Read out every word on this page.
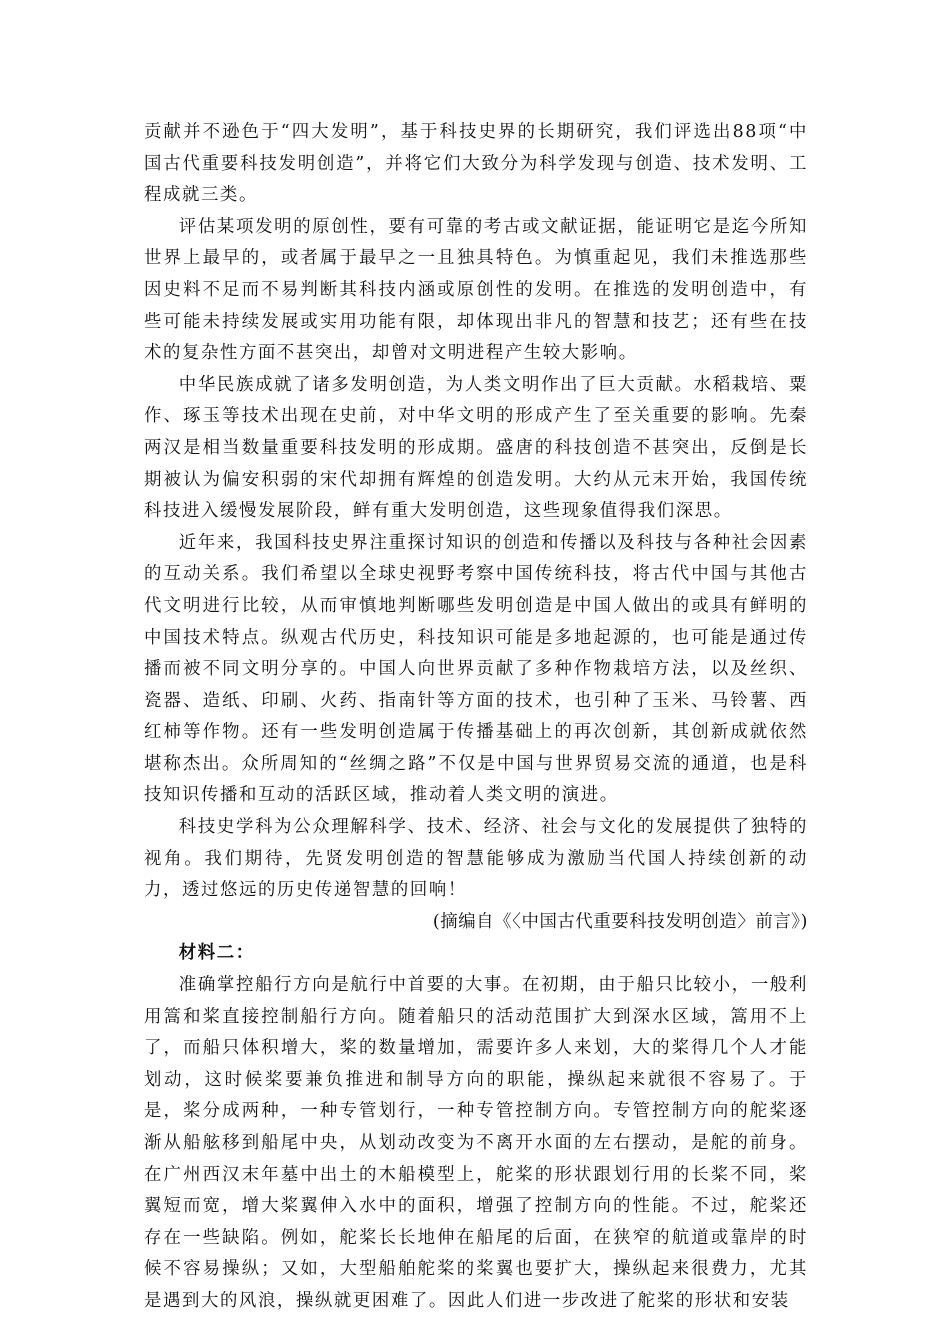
贡献并不逊色于“四大发明”，基于科技史界的长期研究，我们评选出88项“中国古代重要科技发明创造”，并将它们大致分为科学发现与创造、技术发明、工程成就三类。

评估某项发明的原创性，要有可靠的考古或文献证据，能证明它是迄今所知世界上最早的，或者属于最早之一且独具特色。为慎重起见，我们未推选那些因史料不足而不易判断其科技内涵或原创性的发明。在推选的发明创造中，有些可能未持续发展或实用功能有限，却体现出非凡的智慧和技艺；还有些在技术的复杂性方面不甚突出，却曾对文明进程产生较大影响。

中华民族成就了诸多发明创造，为人类文明作出了巨大贡献。水稻栽培、粟作、琢玉等技术出现在史前，对中华文明的形成产生了至关重要的影响。先秦两汉是相当数量重要科技发明的形成期。盛唐的科技创造不甚突出，反倒是长期被认为偏安积弱的宋代却拥有辉煌的创造发明。大约从元末开始，我国传统科技进入缓慢发展阶段，鲜有重大发明创造，这些现象值得我们深思。

近年来，我国科技史界注重探讨知识的创造和传播以及科技与各种社会因素的互动关系。我们希望以全球史视野考察中国传统科技，将古代中国与其他古代文明进行比较，从而审慎地判断哪些发明创造是中国人做出的或具有鲜明的中国技术特点。纵观古代历史，科技知识可能是多地起源的，也可能是通过传播而被不同文明分享的。中国人向世界贡献了多种作物栽培方法，以及丝织、瓷器、造纸、印刷、火药、指南针等方面的技术，也引种了玉米、马铃薯、西红柿等作物。还有一些发明创造属于传播基础上的再次创新，其创新成就依然堪称杰出。众所周知的“丝绸之路”不仅是中国与世界贸易交流的通道，也是科技知识传播和互动的活跃区域，推动着人类文明的演进。

科技史学科为公众理解科学、技术、经济、社会与文化的发展提供了独特的视角。我们期待，先贤发明创造的智慧能够成为激励当代国人持续创新的动力，透过悠远的历史传递智慧的回响！

(摘编自《〈中国古代重要科技发明创造〉前言》)

材料二：

准确掌控船行方向是航行中首要的大事。在初期，由于船只比较小，一般利用篙和桨直接控制船行方向。随着船只的活动范围扩大到深水区域，篙用不上了，而船只体积增大，桨的数量增加，需要许多人来划，大的桨得几个人才能划动，这时候桨要兼负推进和制导方向的职能，操纵起来就很不容易了。于是，桨分成两种，一种专管划行，一种专管控制方向。专管控制方向的舵桨逐渐从船舷移到船尾中央，从划动改变为不离开水面的左右摆动，是舵的前身。在广州西汉末年墓中出土的木船模型上，舵桨的形状跟划行用的长桨不同，桨翼短而宽，增大桨翼伸入水中的面积，增强了控制方向的性能。不过，舵桨还存在一些缺陷。例如，舵桨长长地伸在船尾的后面，在狭窄的航道或靠岸的时候不容易操纵；又如，大型船舶舵桨的桨翼也要扩大，操纵起来很费力，尤其是遇到大的风浪，操纵就更困难了。因此人们进一步改进了舵桨的形状和安装
